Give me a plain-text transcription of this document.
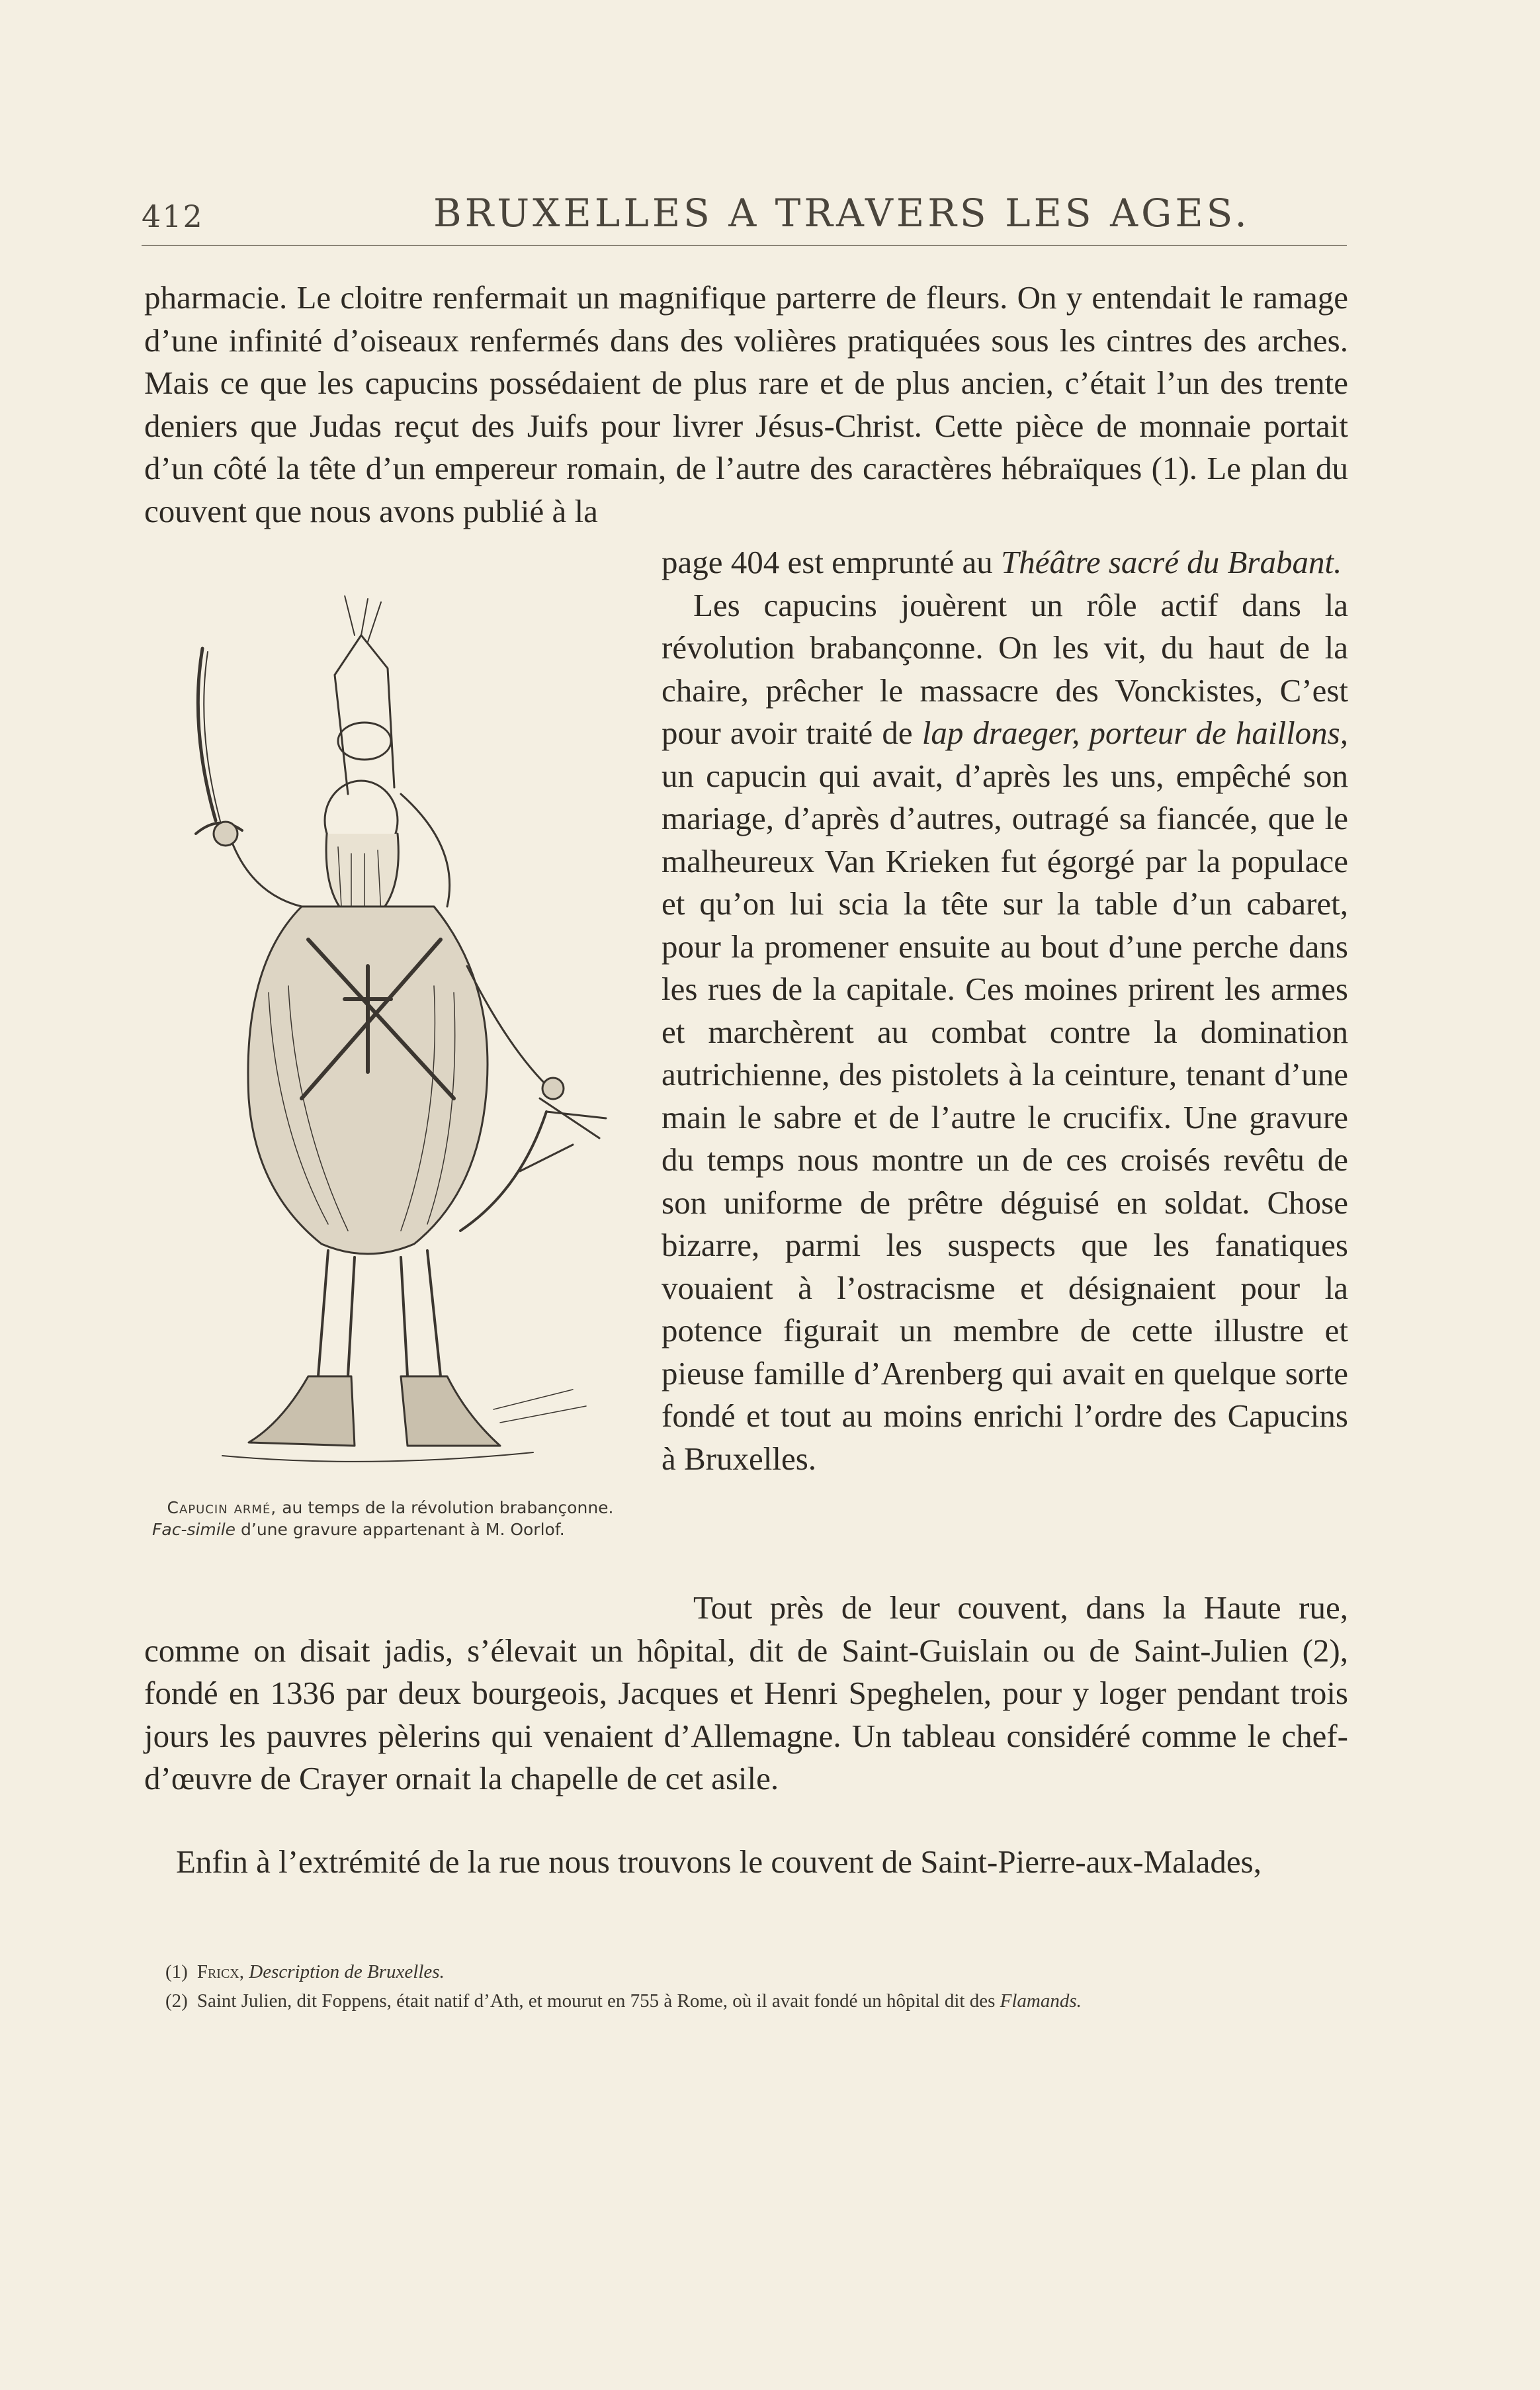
412	BRUXELLES A TRAVERS LES AGES.

pharmacie. Le cloitre renfermait un magnifique parterre de fleurs. On y entendait le ramage d’une infinité d’oiseaux renfermés dans des volières pratiquées sous les cintres des arches. Mais ce que les capucins possédaient de plus rare et de plus ancien, c’était l’un des trente deniers que Judas reçut des Juifs pour livrer Jésus-Christ. Cette pièce de monnaie portait d’un côté la tête d’un empereur romain, de l’autre des caractères hébraïques (1). Le plan du couvent que nous avons publié à la

page 404 est emprunté au Théâtre sacré du Brabant.
Les capucins jouèrent un rôle actif dans la révolution brabançonne. On les vit, du haut de la chaire, prêcher le massacre des Vonckistes, C’est pour avoir traité de lap draeger, porteur de haillons, un capucin qui avait, d’après les uns, empêché son mariage, d’après d’autres, outragé sa fiancée, que le malheureux Van Krieken fut égorgé par la populace et qu’on lui scia la tête sur la table d’un cabaret, pour la promener ensuite au bout d’une perche dans les rues de la capitale. Ces moines prirent les armes et marchèrent au combat contre la domination autrichienne, des pistolets à la ceinture, tenant d’une main le sabre et de l’autre le crucifix. Une gravure du temps nous montre un de ces croisés revêtu de son uniforme de prêtre déguisé en soldat. Chose bizarre, parmi les suspects que les fanatiques vouaient à l’ostracisme et désignaient pour la potence figurait un membre de cette illustre et pieuse famille d’Arenberg qui avait en quelque sorte fondé et tout au moins enrichi l’ordre des Capucins à Bruxelles.

Capucin armé, au temps de la révolution brabançonne.
Fac-simile d’une gravure appartenant à M. Oorlof.

Tout près de leur couvent, dans la Haute rue, comme on disait jadis, s’élevait un hôpital, dit de Saint-Guislain ou de Saint-Julien (2), fondé en 1336 par deux bourgeois, Jacques et Henri Speghelen, pour y loger pendant trois jours les pauvres pèlerins qui venaient d’Allemagne. Un tableau considéré comme le chef-d’œuvre de Crayer ornait la chapelle de cet asile.

Enfin à l’extrémité de la rue nous trouvons le couvent de Saint-Pierre-aux-Malades,

(1) Fricx, Description de Bruxelles.
(2) Saint Julien, dit Foppens, était natif d’Ath, et mourut en 755 à Rome, où il avait fondé un hôpital dit des Flamands.
